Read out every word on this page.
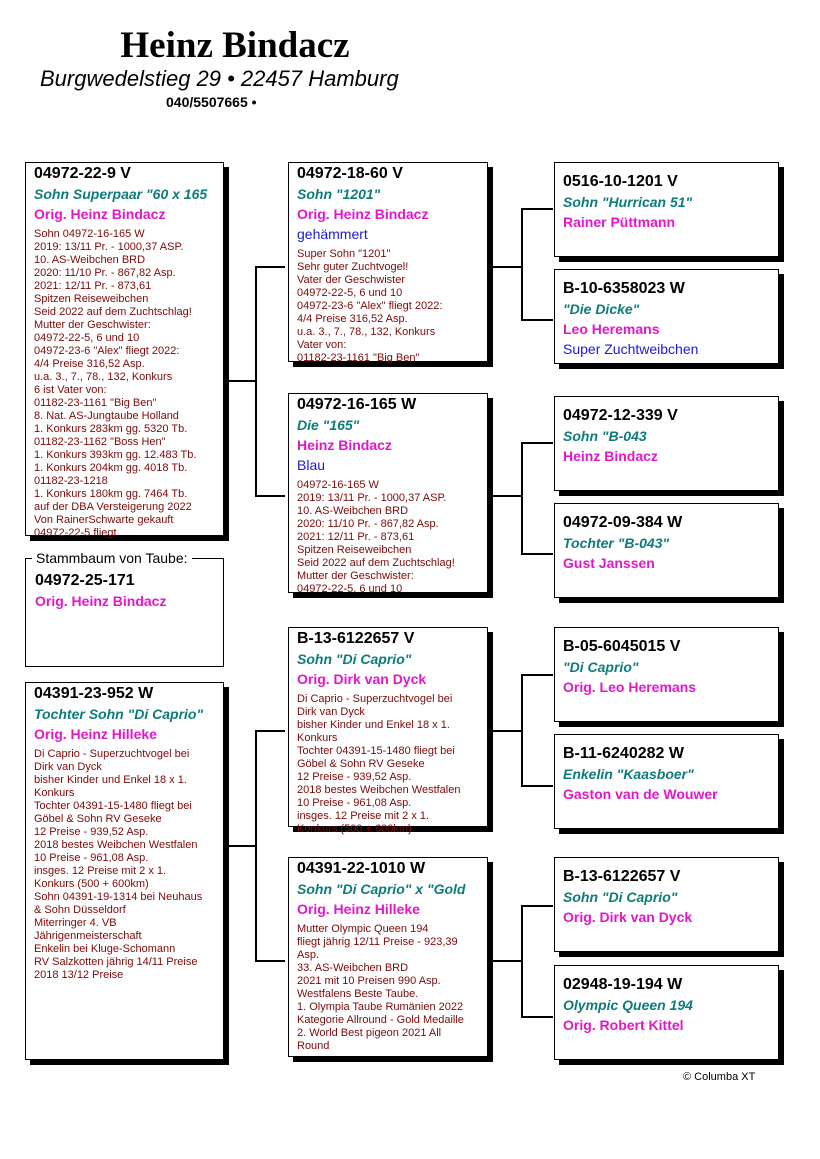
Heinz Bindacz
Burgwedelstieg 29 • 22457 Hamburg
040/5507665 •
Stammbaum von Taube:
04972-25-171
Orig. Heinz Bindacz
04972-22-9 V
Sohn Superpaar "60 x 165
Orig. Heinz Bindacz
Sohn 04972-16-165 W
2019: 13/11 Pr. - 1000,37 ASP.
10. AS-Weibchen BRD
2020: 11/10 Pr. - 867,82 Asp.
2021: 12/11 Pr. - 873,61
Spitzen Reiseweibchen
Seid 2022 auf dem Zuchtschlag!
Mutter der Geschwister:
04972-22-5, 6 und 10
04972-23-6 "Alex" fliegt 2022:
4/4 Preise 316,52 Asp.
u.a. 3., 7., 78., 132, Konkurs
6 ist Vater von:
01182-23-1161 "Big Ben"
8. Nat. AS-Jungtaube Holland
1. Konkurs 283km gg. 5320 Tb.
01182-23-1162 "Boss Hen"
1. Konkurs 393km gg. 12.483 Tb.
1. Konkurs 204km gg. 4018 Tb.
01182-23-1218
1. Konkurs 180km gg. 7464 Tb.
auf der DBA Versteigerung 2022
Von RainerSchwarte gekauft
04972-22-5 fliegt
04391-23-952 W
Tochter Sohn "Di Caprio"
Orig. Heinz Hilleke
Di Caprio - Superzuchtvogel bei
Dirk van Dyck
bisher Kinder und Enkel 18 x 1.
Konkurs
Tochter 04391-15-1480 fliegt bei
Göbel & Sohn RV Geseke
12 Preise - 939,52 Asp.
2018 bestes Weibchen Westfalen
10 Preise - 961,08 Asp.
insges. 12 Preise mit 2 x 1.
Konkurs (500 + 600km)
Sohn 04391-19-1314 bei Neuhaus
& Sohn Düsseldorf
Miterringer 4. VB
Jährigenmeisterschaft
Enkelin bei Kluge-Schomann
RV Salzkotten jährig 14/11 Preise
2018 13/12 Preise
04972-18-60 V
Sohn "1201"
Orig. Heinz Bindacz
gehämmert
Super Sohn "1201"
Sehr guter Zuchtvogel!
Vater der Geschwister
04972-22-5, 6 und 10
04972-23-6 "Alex" fliegt 2022:
4/4 Preise 316,52 Asp.
u.a. 3., 7., 78., 132, Konkurs
Vater von:
01182-23-1161 "Big Ben"
04972-16-165 W
Die "165"
Heinz Bindacz
Blau
04972-16-165 W
2019: 13/11 Pr. - 1000,37 ASP.
10. AS-Weibchen BRD
2020: 11/10 Pr. - 867,82 Asp.
2021: 12/11 Pr. - 873,61
Spitzen Reiseweibchen
Seid 2022 auf dem Zuchtschlag!
Mutter der Geschwister:
04972-22-5, 6 und 10
B-13-6122657 V
Sohn "Di Caprio"
Orig. Dirk van Dyck
Di Caprio - Superzuchtvogel bei
Dirk van Dyck
bisher Kinder und Enkel 18 x 1.
Konkurs
Tochter 04391-15-1480 fliegt bei
Göbel & Sohn RV Geseke
12 Preise - 939,52 Asp.
2018 bestes Weibchen Westfalen
10 Preise - 961,08 Asp.
insges. 12 Preise mit 2 x 1.
Konkurs (500 + 600km)
04391-22-1010 W
Sohn "Di Caprio" x "Gold
Orig. Heinz Hilleke
Mutter Olympic Queen 194
fliegt jährig 12/11 Preise - 923,39
Asp.
33. AS-Weibchen BRD
2021 mit 10 Preisen 990 Asp.
Westfalens Beste Taube.
1. Olympia Taube Rumänien 2022
Kategorie Allround - Gold Medaille
2. World Best pigeon 2021 All
Round
0516-10-1201 V
Sohn "Hurrican 51"
Rainer Püttmann
B-10-6358023 W
"Die Dicke"
Leo Heremans
Super Zuchtweibchen
04972-12-339 V
Sohn "B-043
Heinz Bindacz
04972-09-384 W
Tochter "B-043"
Gust Janssen
B-05-6045015 V
"Di Caprio"
Orig. Leo Heremans
B-11-6240282 W
Enkelin "Kaasboer"
Gaston van de Wouwer
B-13-6122657 V
Sohn "Di Caprio"
Orig. Dirk van Dyck
02948-19-194 W
Olympic Queen 194
Orig. Robert Kittel
© Columba XT
